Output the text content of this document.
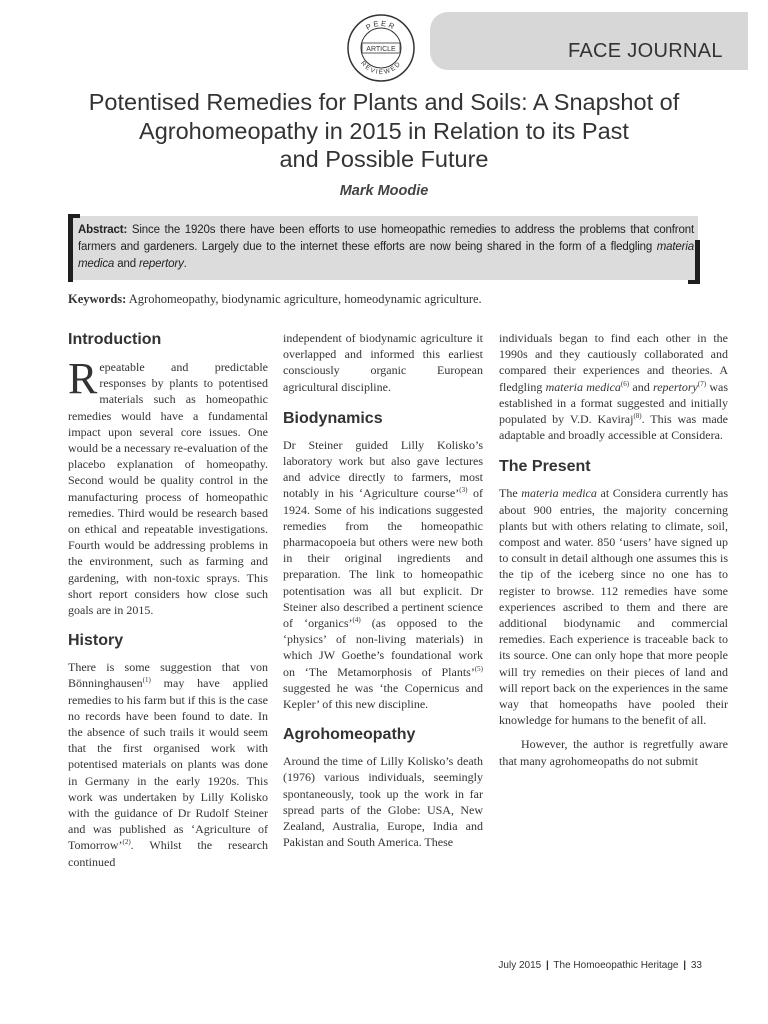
FACE JOURNAL
PEER
REVIEWED
ARTICLE
Potentised Remedies for Plants and Soils: A Snapshot of
Agrohomeopathy in 2015 in Relation to its Past
and Possible Future
Mark Moodie
Abstract: Since the 1920s there have been efforts to use homeopathic remedies to address the problems that confront farmers and gardeners. Largely due to the internet these efforts are now being shared in the form of a fledgling materia medica and repertory.
Keywords: Agrohomeopathy, biodynamic agriculture, homeodynamic agriculture.
Introduction

Repeatable and predictable responses by plants to potentised materials such as homeopathic remedies would have a fundamental impact upon several core issues. One would be a necessary re-evaluation of the placebo explanation of homeopathy. Second would be quality control in the manufacturing process of homeopathic remedies. Third would be research based on ethical and repeatable investigations. Fourth would be addressing problems in the environment, such as farming and gardening, with non-toxic sprays. This short report considers how close such goals are in 2015.

History

There is some suggestion that von Bönninghausen$^{(1)}$ may have applied remedies to his farm but if this is the case no records have been found to date. In the absence of such trails it would seem that the first organised work with potentised materials on plants was done in Germany in the early 1920s. This work was undertaken by Lilly Kolisko with the guidance of Dr Rudolf Steiner and was published as ‘Agriculture of Tomorrow’$^{(2)}$. Whilst the research continued

independent of biodynamic agriculture it overlapped and informed this earliest consciously organic European agricultural discipline.

Biodynamics

Dr Steiner guided Lilly Kolisko’s laboratory work but also gave lectures and advice directly to farmers, most notably in his ‘Agriculture course’$^{(3)}$ of 1924. Some of his indications suggested remedies from the homeopathic pharmacopoeia but others were new both in their original ingredients and preparation. The link to homeopathic potentisation was all but explicit. Dr Steiner also described a pertinent science of ‘organics’$^{(4)}$ (as opposed to the ‘physics’ of non-living materials) in which JW Goethe’s foundational work on ‘The Metamorphosis of Plants’$^{(5)}$ suggested he was ‘the Copernicus and Kepler’ of this new discipline.

Agrohomeopathy

Around the time of Lilly Kolisko’s death (1976) various individuals, seemingly spontaneously, took up the work in far spread parts of the Globe: USA, New Zealand, Australia, Europe, India and Pakistan and South America. These

individuals began to find each other in the 1990s and they cautiously collaborated and compared their experiences and theories. A fledgling materia medica$^{(6)}$ and repertory$^{(7)}$ was established in a format suggested and initially populated by V.D. Kaviraj$^{(8)}$. This was made adaptable and broadly accessible at Considera.

The Present

The materia medica at Considera currently has about 900 entries, the majority concerning plants but with others relating to climate, soil, compost and water. 850 ‘users’ have signed up to consult in detail although one assumes this is the tip of the iceberg since no one has to register to browse. 112 remedies have some experiences ascribed to them and there are additional biodynamic and commercial remedies. Each experience is traceable back to its source. One can only hope that more people will try remedies on their pieces of land and will report back on the experiences in the same way that homeopaths have pooled their knowledge for humans to the benefit of all.

However, the author is regretfully aware that many agrohomeopaths do not submit

July 2015 | The Homoeopathic Heritage | 33
